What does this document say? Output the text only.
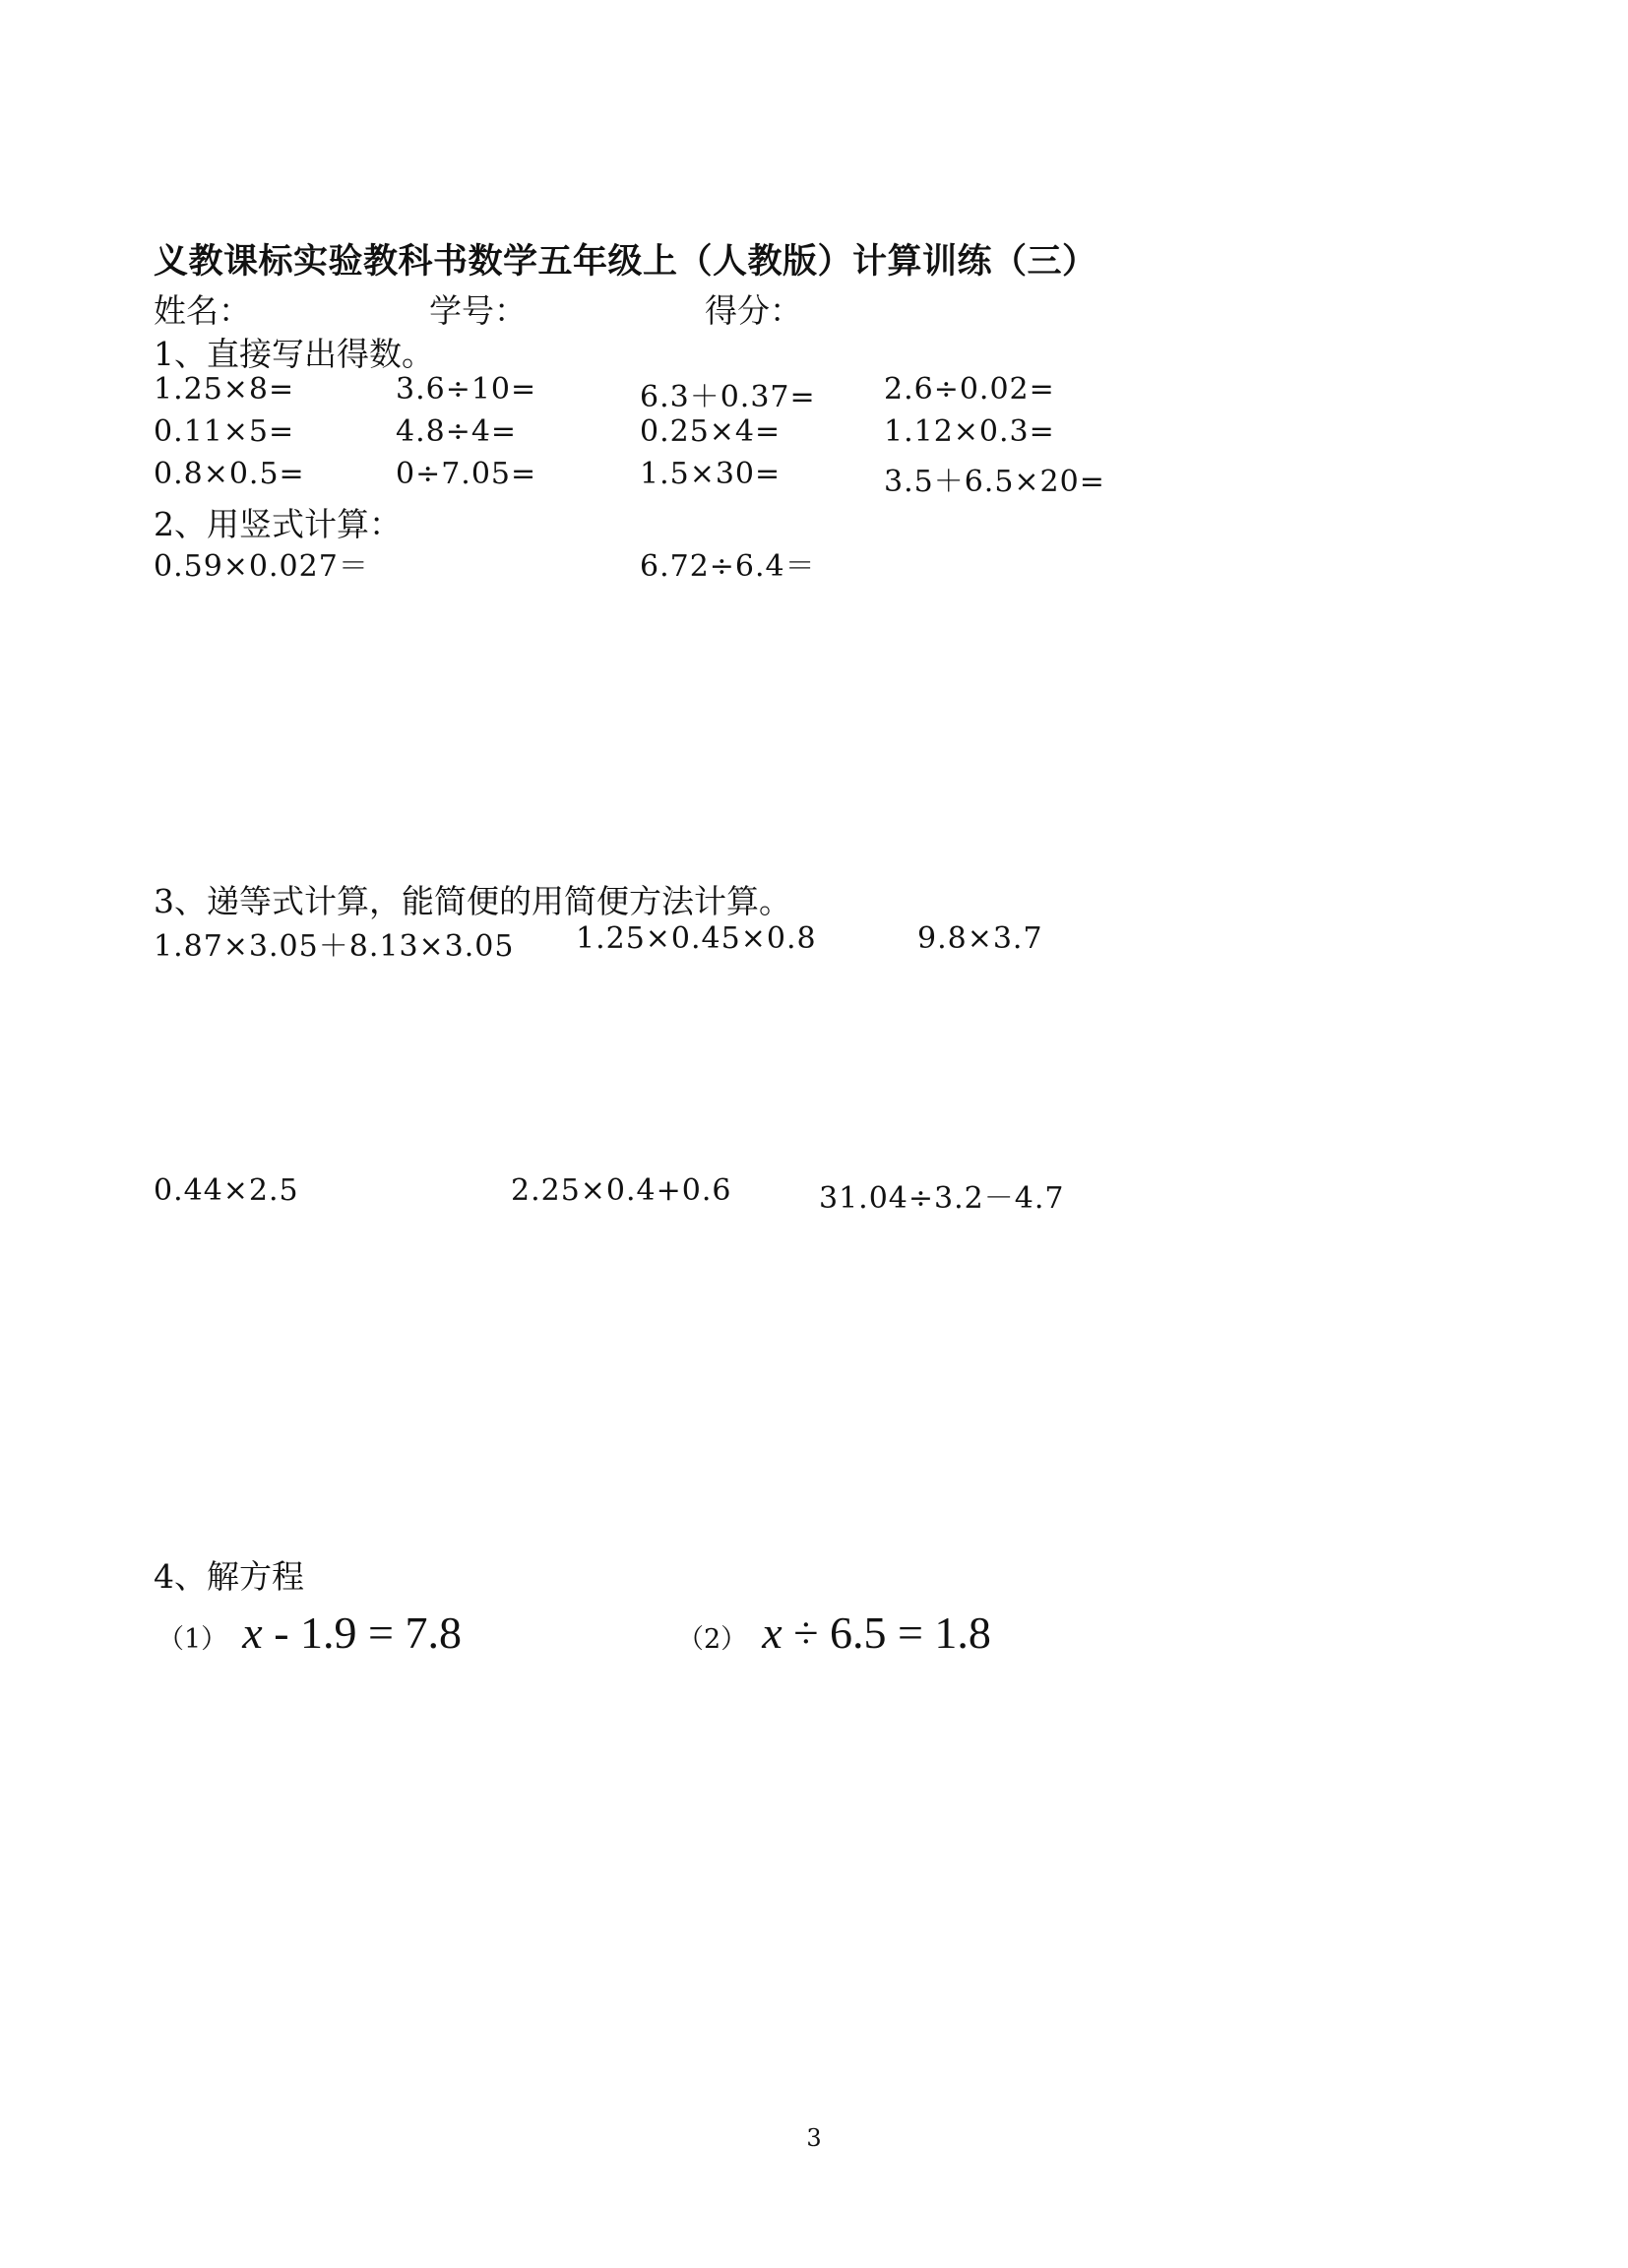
义教课标实验教科书数学五年级上（人教版）计算训练（三）
姓名：	学号：	得分：
1、直接写出得数。
1.25×8=	3.6÷10=	6.3＋0.37= 2.6÷0.02=
0.11×5=	4.8÷4=	0.25×4=	1.12×0.3=
0.8×0.5=	0÷7.05=	1.5×30=	3.5＋6.5×20=
2、用竖式计算：
0.59×0.027＝	6.72÷6.4＝
3、递等式计算，能简便的用简便方法计算。
1.87×3.05＋8.13×3.05 1.25×0.45×0.8	9.8×3.7
0.44×2.5	2.25×0.4+0.6	31.04÷3.2－4.7
4、解方程
（1） x - 1.9 = 7.8	（2） x ÷ 6.5 = 1.8
3
